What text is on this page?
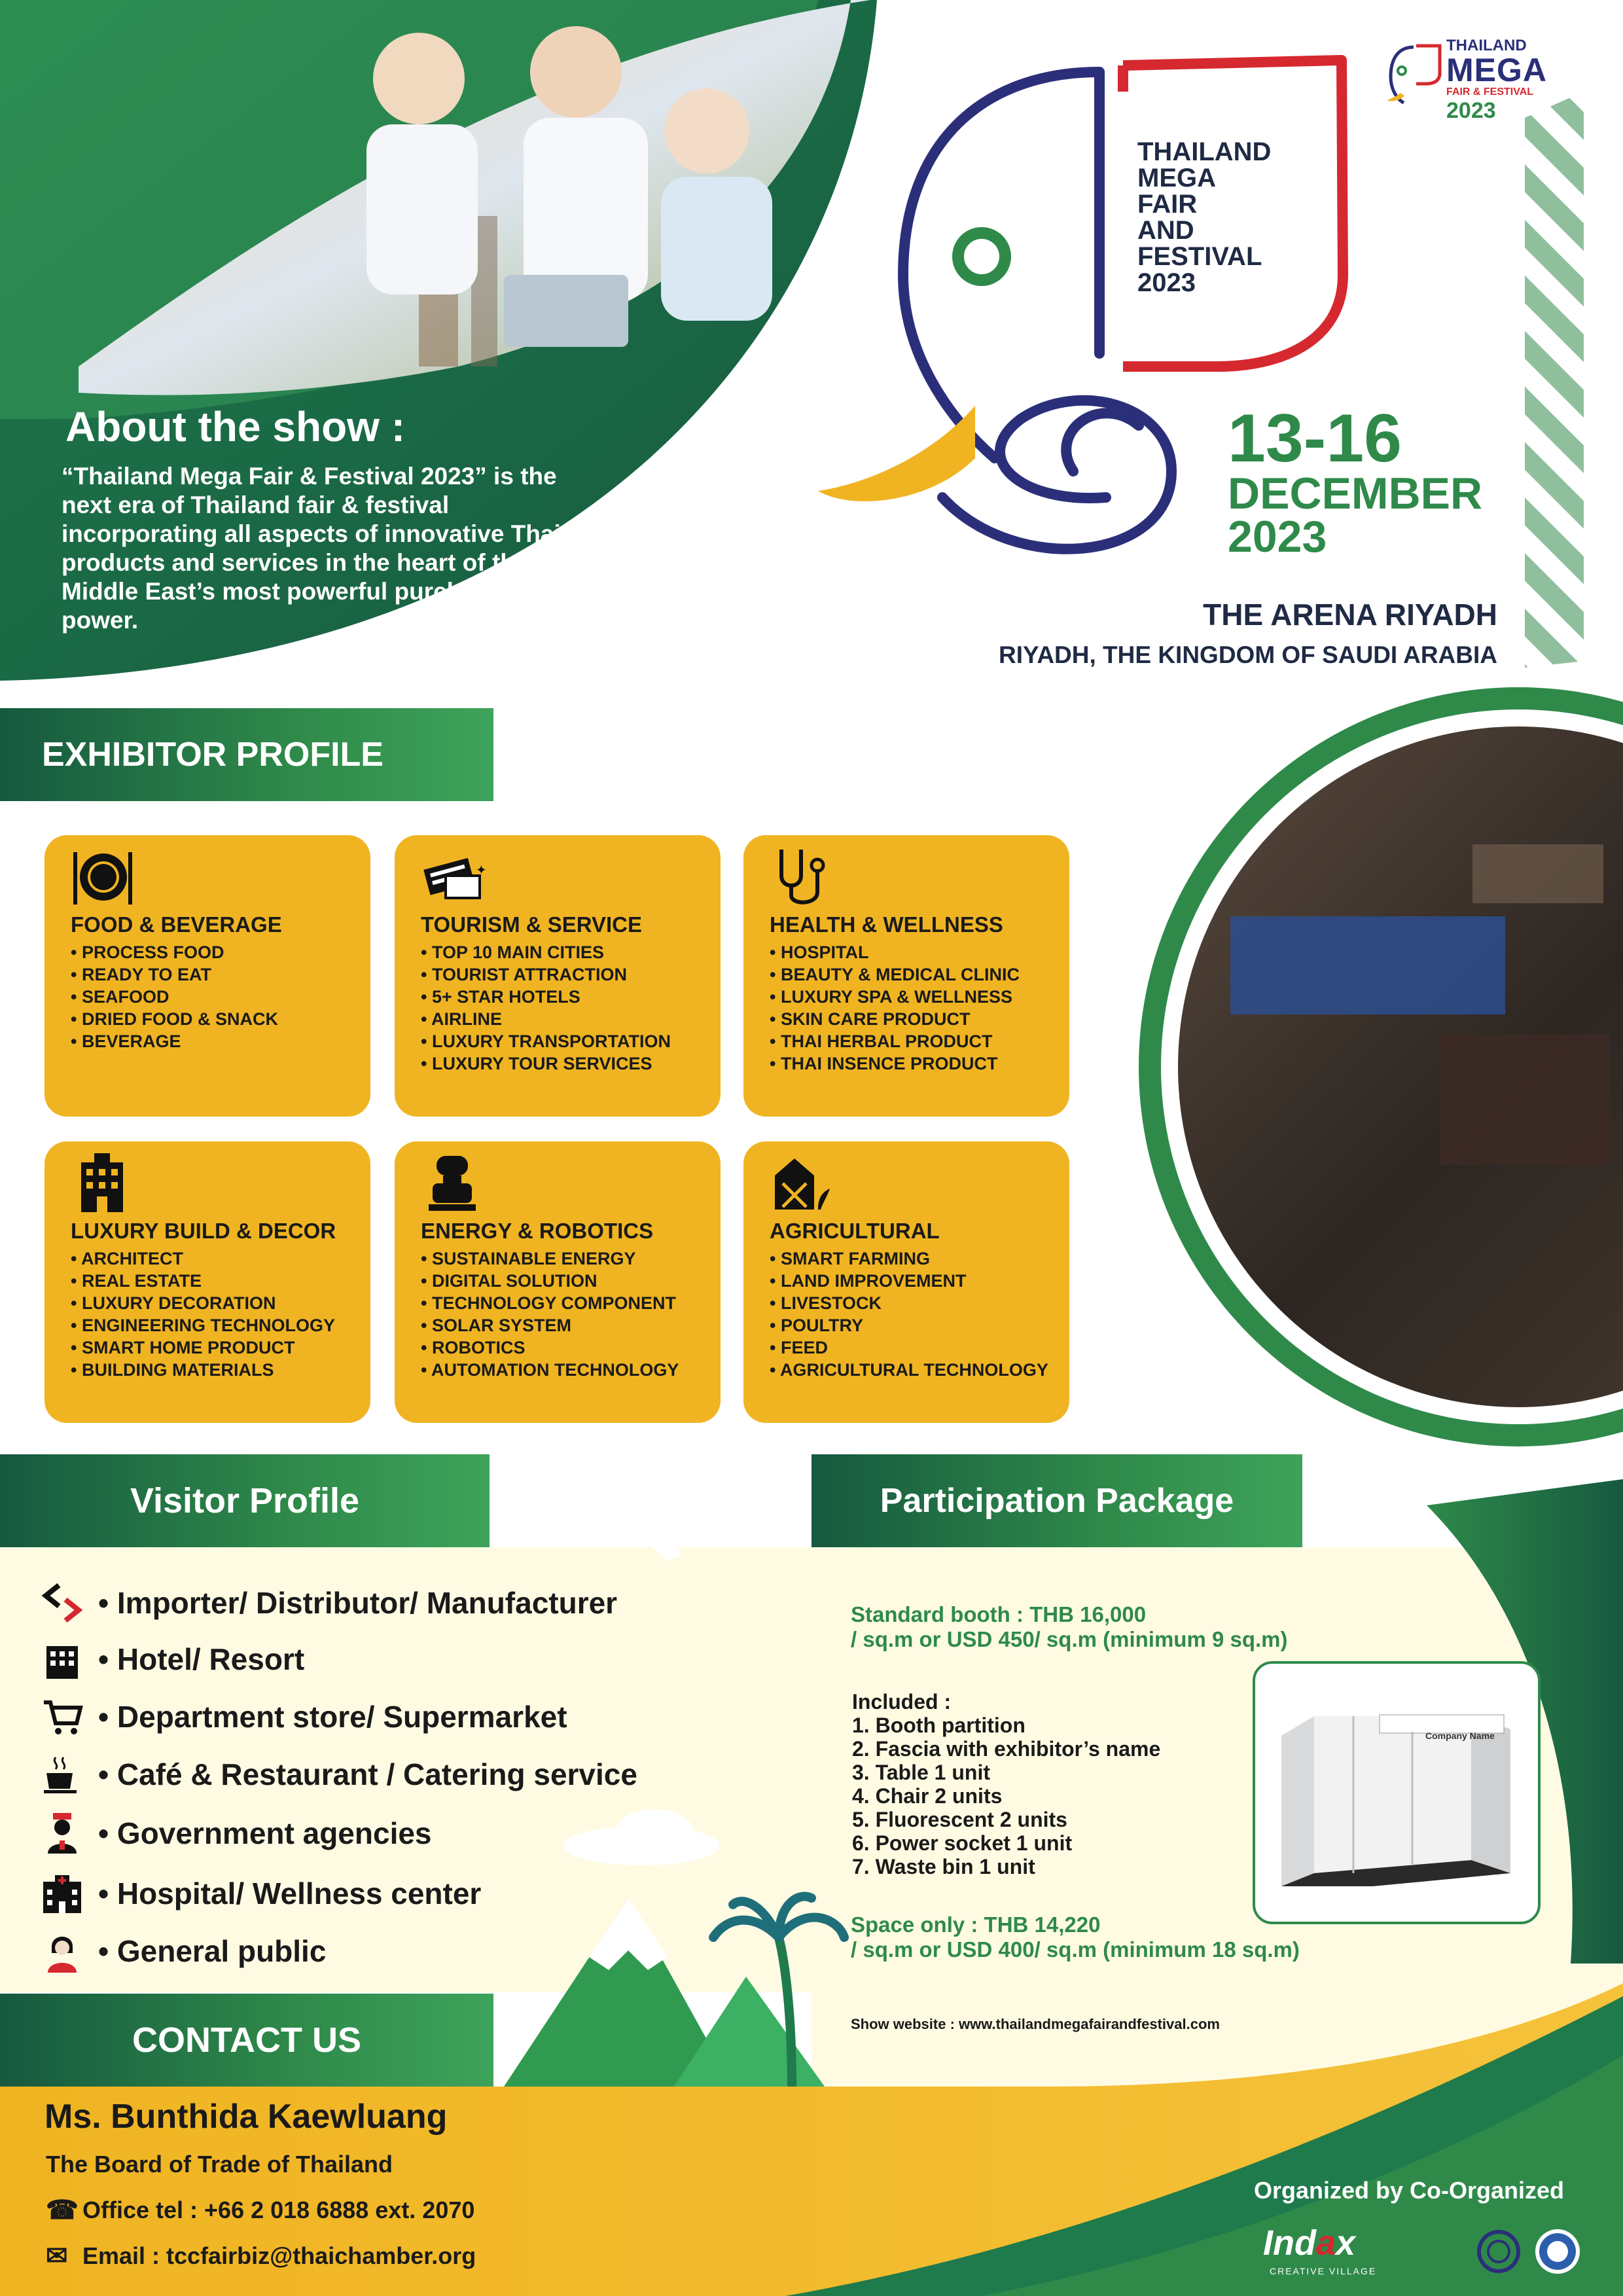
About the show :
“Thailand Mega Fair & Festival 2023” is the next era of Thailand fair & festival incorporating all aspects of innovative Thai products and services in the heart of the Middle East’s most powerful purchasing power.
THAILAND
MEGA
FAIR & FESTIVAL
2023
THAILAND
MEGA
FAIR
AND
FESTIVAL
2023
13-16
DECEMBER
2023
THE ARENA RIYADH
RIYADH, THE KINGDOM OF SAUDI ARABIA
EXHIBITOR PROFILE
FOOD & BEVERAGE
• PROCESS FOOD
• READY TO EAT
• SEAFOOD
• DRIED FOOD & SNACK
• BEVERAGE
✦
TOURISM & SERVICE
• TOP 10 MAIN CITIES
• TOURIST ATTRACTION
• 5+ STAR HOTELS
• AIRLINE
• LUXURY TRANSPORTATION
• LUXURY TOUR SERVICES
HEALTH & WELLNESS
• HOSPITAL
• BEAUTY & MEDICAL CLINIC
• LUXURY SPA & WELLNESS
• SKIN CARE PRODUCT
• THAI HERBAL PRODUCT
• THAI INSENCE PRODUCT
LUXURY BUILD & DECOR
• ARCHITECT
• REAL ESTATE
• LUXURY DECORATION
• ENGINEERING TECHNOLOGY
• SMART HOME PRODUCT
• BUILDING MATERIALS
ENERGY & ROBOTICS
• SUSTAINABLE ENERGY
• DIGITAL SOLUTION
• TECHNOLOGY COMPONENT
• SOLAR SYSTEM
• ROBOTICS
• AUTOMATION TECHNOLOGY
AGRICULTURAL
• SMART FARMING
• LAND IMPROVEMENT
• LIVESTOCK
• POULTRY
• FEED
• AGRICULTURAL TECHNOLOGY
Visitor Profile
• Importer/ Distributor/ Manufacturer
• Hotel/ Resort
• Department store/ Supermarket
• Café & Restaurant / Catering service
• Government agencies
• Hospital/ Wellness center
• General public
Participation Package
Standard booth : THB 16,000
/ sq.m or USD 450/ sq.m (minimum 9 sq.m)
Included :
1. Booth partition
2. Fascia with exhibitor’s name
3. Table 1 unit
4. Chair 2 units
5. Fluorescent 2 units
6. Power socket 1 unit
7. Waste bin 1 unit
Company Name
Space only : THB 14,220
/ sq.m or USD 400/ sq.m (minimum 18 sq.m)
Show website : www.thailandmegafairandfestival.com
CONTACT US
Ms. Bunthida Kaewluang
The Board of Trade of Thailand
☎ Office tel : +66 2 018 6888 ext. 2070
✉ Email : tccfairbiz@thaichamber.org
Organized by Co-Organized
Indax
CREATIVE VILLAGE
